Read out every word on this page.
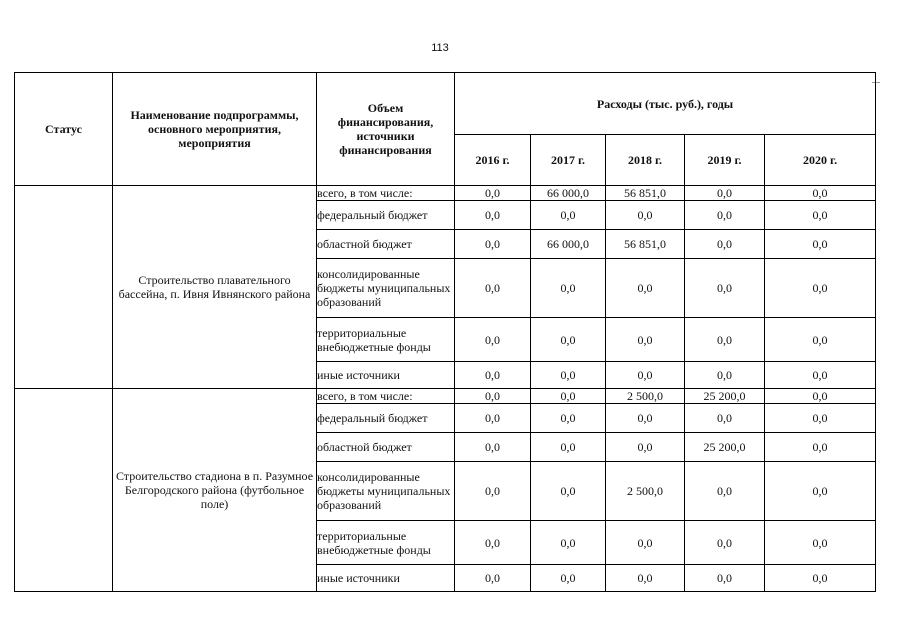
113
Статус	Наименование подпрограммы, основного мероприятия, мероприятия	Объем финансирования, источники финансирования	Расходы (тыс. руб.), годы				
			2016 г.	2017 г.	2018 г.	2019 г.	2020 г.
	Строительство плавательного бассейна, п. Ивня Ивнянского района	всего, в том числе:	0,0	66 000,0	56 851,0	0,0	0,0
		федеральный бюджет	0,0	0,0	0,0	0,0	0,0
		областной бюджет	0,0	66 000,0	56 851,0	0,0	0,0
		консолидированные бюджеты муниципальных образований	0,0	0,0	0,0	0,0	0,0
		территориальные внебюджетные фонды	0,0	0,0	0,0	0,0	0,0
		иные источники	0,0	0,0	0,0	0,0	0,0
	Строительство стадиона в п. Разумное Белгородского района (футбольное поле)	всего, в том числе:	0,0	0,0	2 500,0	25 200,0	0,0
		федеральный бюджет	0,0	0,0	0,0	0,0	0,0
		областной бюджет	0,0	0,0	0,0	25 200,0	0,0
		консолидированные бюджеты муниципальных образований	0,0	0,0	2 500,0	0,0	0,0
		территориальные внебюджетные фонды	0,0	0,0	0,0	0,0	0,0
		иные источники	0,0	0,0	0,0	0,0	0,0
